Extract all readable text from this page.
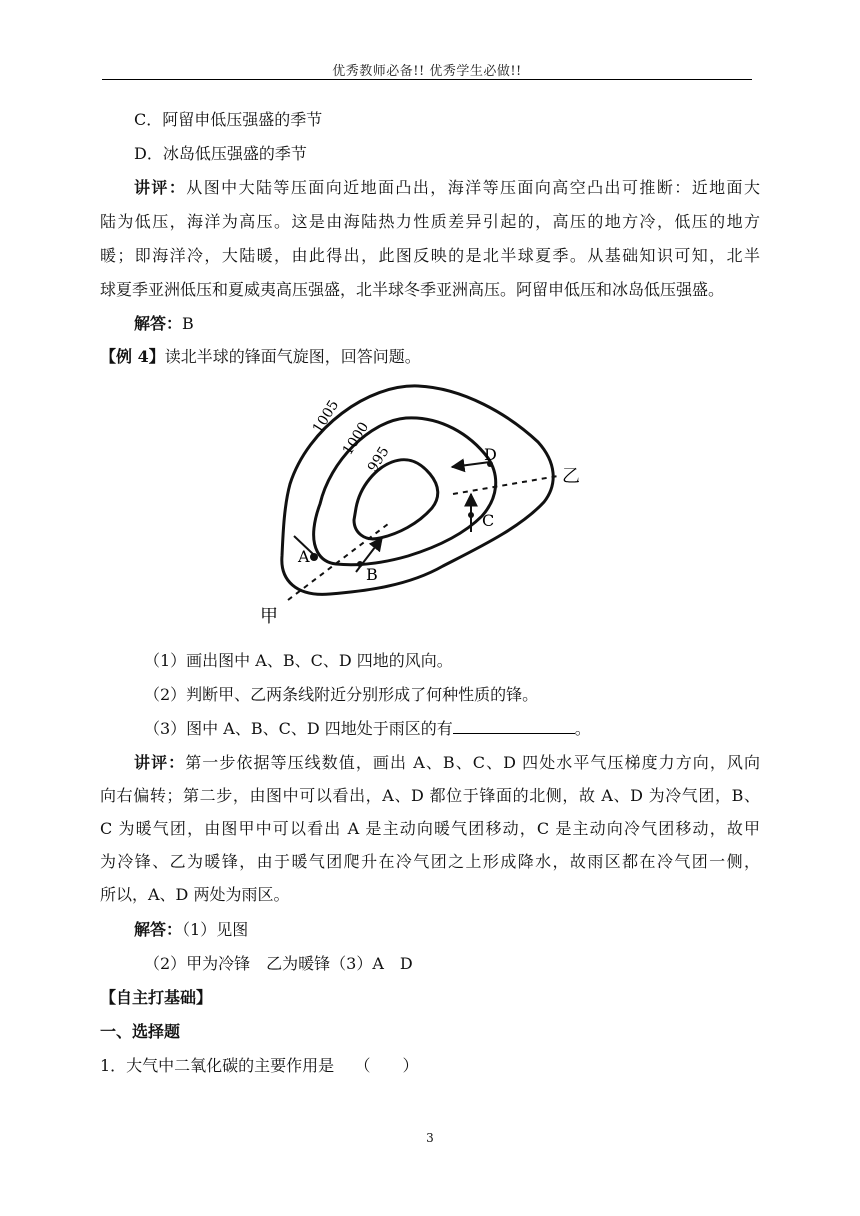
优秀教师必备!! 优秀学生必做!!
C．阿留申低压强盛的季节
D．冰岛低压强盛的季节
讲评：从图中大陆等压面向近地面凸出，海洋等压面向高空凸出可推断：近地面大
陆为低压，海洋为高压。这是由海陆热力性质差异引起的，高压的地方冷，低压的地方
暖；即海洋冷，大陆暖，由此得出，此图反映的是北半球夏季。从基础知识可知，北半
球夏季亚洲低压和夏威夷高压强盛，北半球冬季亚洲高压。阿留申低压和冰岛低压强盛。
解答：B
【例 4】读北半球的锋面气旋图，回答问题。
1005
1000
995
A
B
C
D
甲
乙
（1）画出图中 A、B、C、D 四地的风向。
（2）判断甲、乙两条线附近分别形成了何种性质的锋。
（3）图中 A、B、C、D 四地处于雨区的有	。
讲评：第一步依据等压线数值，画出 A、B、C、D 四处水平气压梯度力方向，风向
向右偏转；第二步，由图中可以看出，A、D 都位于锋面的北侧，故 A、D 为冷气团，B、
C 为暖气团，由图甲中可以看出 A 是主动向暖气团移动，C 是主动向冷气团移动，故甲
为冷锋、乙为暖锋，由于暖气团爬升在冷气团之上形成降水，故雨区都在冷气团一侧，
所以，A、D 两处为雨区。
解答：（1）见图
（2）甲为冷锋　乙为暖锋（3）A　D
【自主打基础】
一、选择题
1．大气中二氧化碳的主要作用是 （　　）
3
